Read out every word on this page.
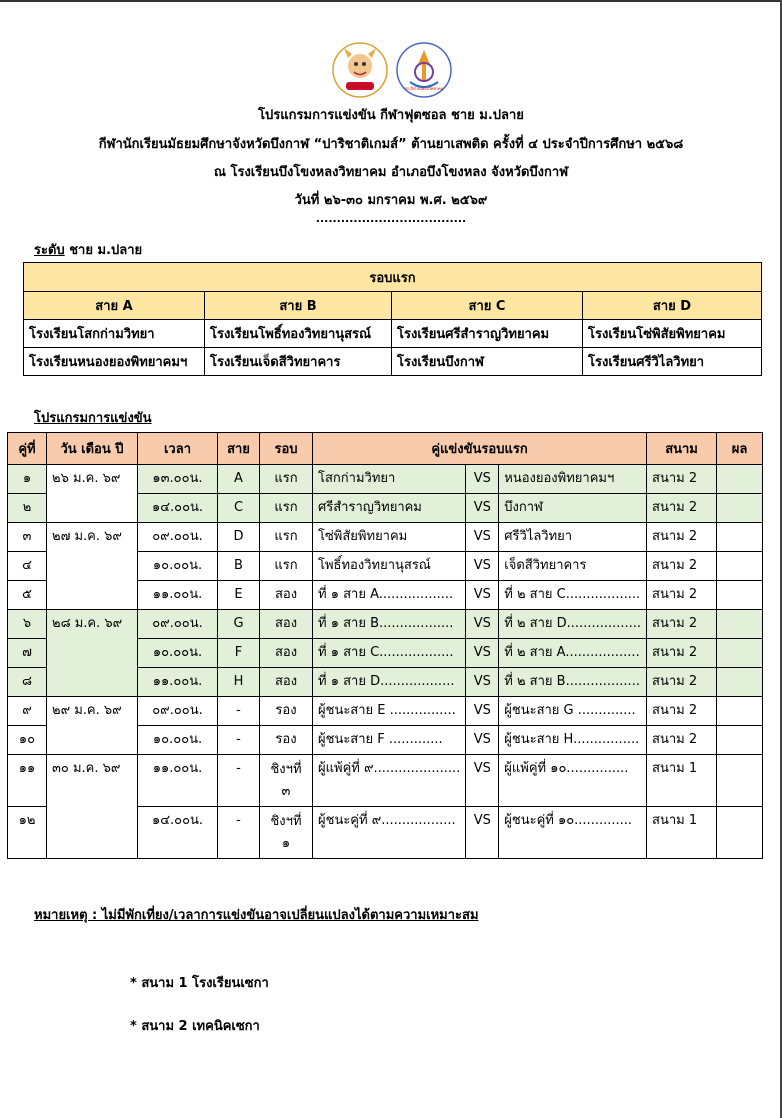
ปาริชาติเกมส์	รร.บึงโขงหลงวิทยาคม
โปรแกรมการแข่งขัน กีฬาฟุตซอล ชาย ม.ปลาย
กีฬานักเรียนมัธยมศึกษาจังหวัดบึงกาฬ “ปาริชาติเกมส์” ต้านยาเสพติด ครั้งที่ ๔ ประจำปีการศึกษา ๒๕๖๘
ณ โรงเรียนบึงโขงหลงวิทยาคม อำเภอบึงโขงหลง จังหวัดบึงกาฬ
วันที่ ๒๖-๓๐ มกราคม พ.ศ. ๒๕๖๙
....................................
ระดับ ชาย ม.ปลาย
รอบแรก			
สาย A	สาย B	สาย C	สาย D
โรงเรียนโสกก่ามวิทยา	โรงเรียนโพธิ์ทองวิทยานุสรณ์	โรงเรียนศรีสำราญวิทยาคม	โรงเรียนโซ่พิสัยพิทยาคม
โรงเรียนหนองยองพิทยาคมฯ	โรงเรียนเจ็ดสีวิทยาคาร	โรงเรียนบึงกาฬ	โรงเรียนศรีวิไลวิทยา
โปรแกรมการแข่งขัน
คู่ที่	วัน เดือน ปี	เวลา	สาย	รอบ	คู่แข่งขันรอบแรก			สนาม	ผล
๑	๒๖ ม.ค. ๖๙	๑๓.๐๐น.	A	แรก	โสกก่ามวิทยา	VS	หนองยองพิทยาคมฯ	สนาม 2	
๒		๑๔.๐๐น.	C	แรก	ศรีสำราญวิทยาคม	VS	บึงกาฬ	สนาม 2	
๓	๒๗ ม.ค. ๖๙	๐๙.๐๐น.	D	แรก	โซ่พิสัยพิทยาคม	VS	ศรีวิไลวิทยา	สนาม 2	
๔		๑๐.๐๐น.	B	แรก	โพธิ์ทองวิทยานุสรณ์	VS	เจ็ดสีวิทยาคาร	สนาม 2	
๕		๑๑.๐๐น.	E	สอง	ที่ ๑ สาย A..................	VS	ที่ ๒ สาย C..................	สนาม 2	
๖	๒๘ ม.ค. ๖๙	๐๙.๐๐น.	G	สอง	ที่ ๑ สาย B..................	VS	ที่ ๒ สาย D..................	สนาม 2	
๗		๑๐.๐๐น.	F	สอง	ที่ ๑ สาย C..................	VS	ที่ ๒ สาย A..................	สนาม 2	
๘		๑๑.๐๐น.	H	สอง	ที่ ๑ สาย D..................	VS	ที่ ๒ สาย B..................	สนาม 2	
๙	๒๙ ม.ค. ๖๙	๐๙.๐๐น.	-	รอง	ผู้ชนะสาย E ................	VS	ผู้ชนะสาย G ..............	สนาม 2	
๑๐		๑๐.๐๐น.	-	รอง	ผู้ชนะสาย F .............	VS	ผู้ชนะสาย H................	สนาม 2	
๑๑	๓๐ ม.ค. ๖๙	๑๑.๐๐น.	-	ชิงฯที่ ๓	ผู้แพ้คู่ที่ ๙.....................	VS	ผู้แพ้คู่ที่ ๑๐...............	สนาม 1	
๑๒		๑๔.๐๐น.	-	ชิงฯที่ ๑	ผู้ชนะคู่ที่ ๙..................	VS	ผู้ชนะคู่ที่ ๑๐..............	สนาม 1	
หมายเหตุ : ไม่มีพักเที่ยง/เวลาการแข่งขันอาจเปลี่ยนแปลงได้ตามความเหมาะสม
* สนาม 1 โรงเรียนเซกา
* สนาม 2 เทคนิคเซกา
